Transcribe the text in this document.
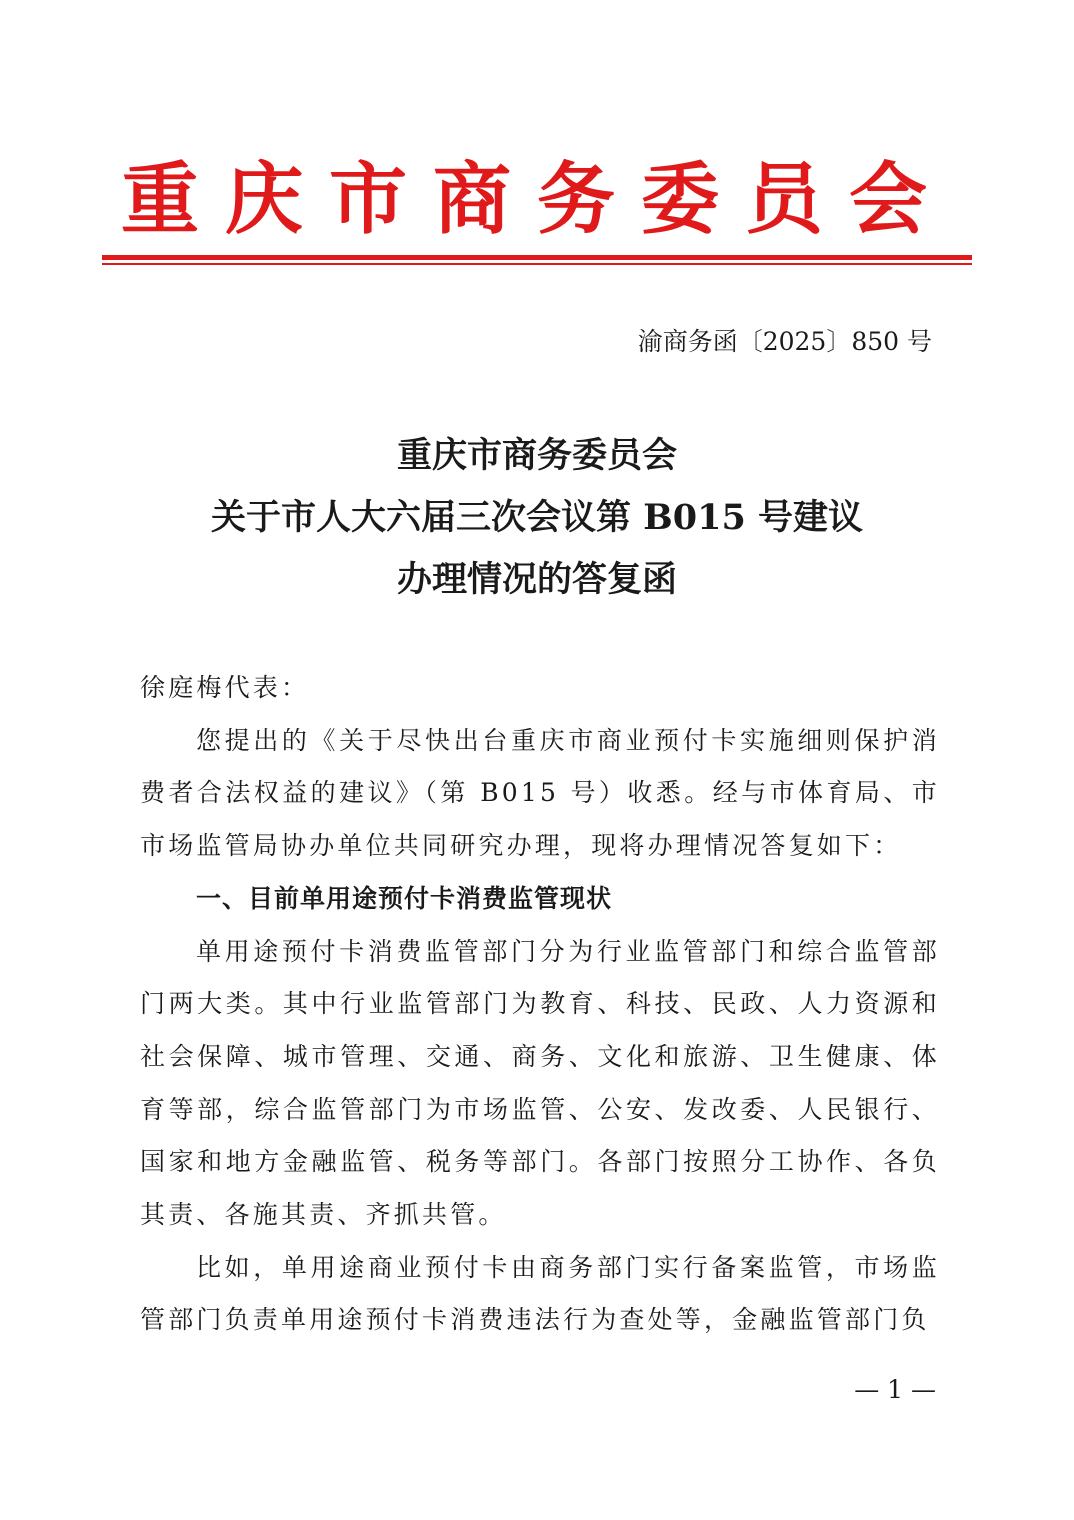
重庆市商务委员会
渝商务函〔2025〕850 号
重庆市商务委员会
关于市人大六届三次会议第 B015 号建议
办理情况的答复函

徐庭梅代表：

您提出的《关于尽快出台重庆市商业预付卡实施细则保护消费者合法权益的建议》（第 B015 号）收悉。经与市体育局、市市场监管局协办单位共同研究办理，现将办理情况答复如下：

一、目前单用途预付卡消费监管现状

单用途预付卡消费监管部门分为行业监管部门和综合监管部门两大类。其中行业监管部门为教育、科技、民政、人力资源和社会保障、城市管理、交通、商务、文化和旅游、卫生健康、体育等部，综合监管部门为市场监管、公安、发改委、人民银行、国家和地方金融监管、税务等部门。各部门按照分工协作、各负其责、各施其责、齐抓共管。

比如，单用途商业预付卡由商务部门实行备案监管，市场监管部门负责单用途预付卡消费违法行为查处等，金融监管部门负

— 1 —
